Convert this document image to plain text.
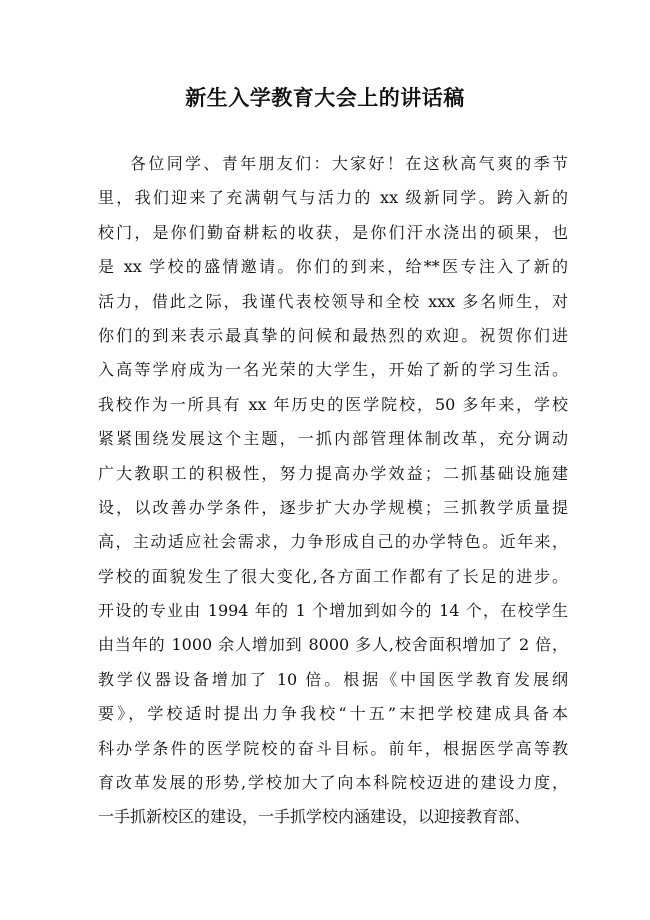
新生入学教育大会上的讲话稿
各位同学、青年朋友们：大家好！在这秋高气爽的季节
里，我们迎来了充满朝气与活力的 xx 级新同学。跨入新的
校门，是你们勤奋耕耘的收获，是你们汗水浇出的硕果，也
是 xx 学校的盛情邀请。你们的到来，给**医专注入了新的
活力，借此之际，我谨代表校领导和全校 xxx 多名师生，对
你们的到来表示最真挚的问候和最热烈的欢迎。祝贺你们进
入高等学府成为一名光荣的大学生，开始了新的学习生活。
我校作为一所具有 xx 年历史的医学院校，50 多年来，学校
紧紧围绕发展这个主题，一抓内部管理体制改革，充分调动
广大教职工的积极性，努力提高办学效益；二抓基础设施建
设，以改善办学条件，逐步扩大办学规模；三抓教学质量提
高，主动适应社会需求，力争形成自己的办学特色。近年来，
学校的面貌发生了很大变化,各方面工作都有了长足的进步。
开设的专业由 1994 年的 1 个增加到如今的 14 个，在校学生
由当年的 1000 余人增加到 8000 多人,校舍面积增加了 2 倍，
教学仪器设备增加了 10 倍。根据《中国医学教育发展纲
要》，学校适时提出力争我校“十五”末把学校建成具备本
科办学条件的医学院校的奋斗目标。前年，根据医学高等教
育改革发展的形势,学校加大了向本科院校迈进的建设力度，
一手抓新校区的建设，一手抓学校内涵建设，以迎接教育部、
